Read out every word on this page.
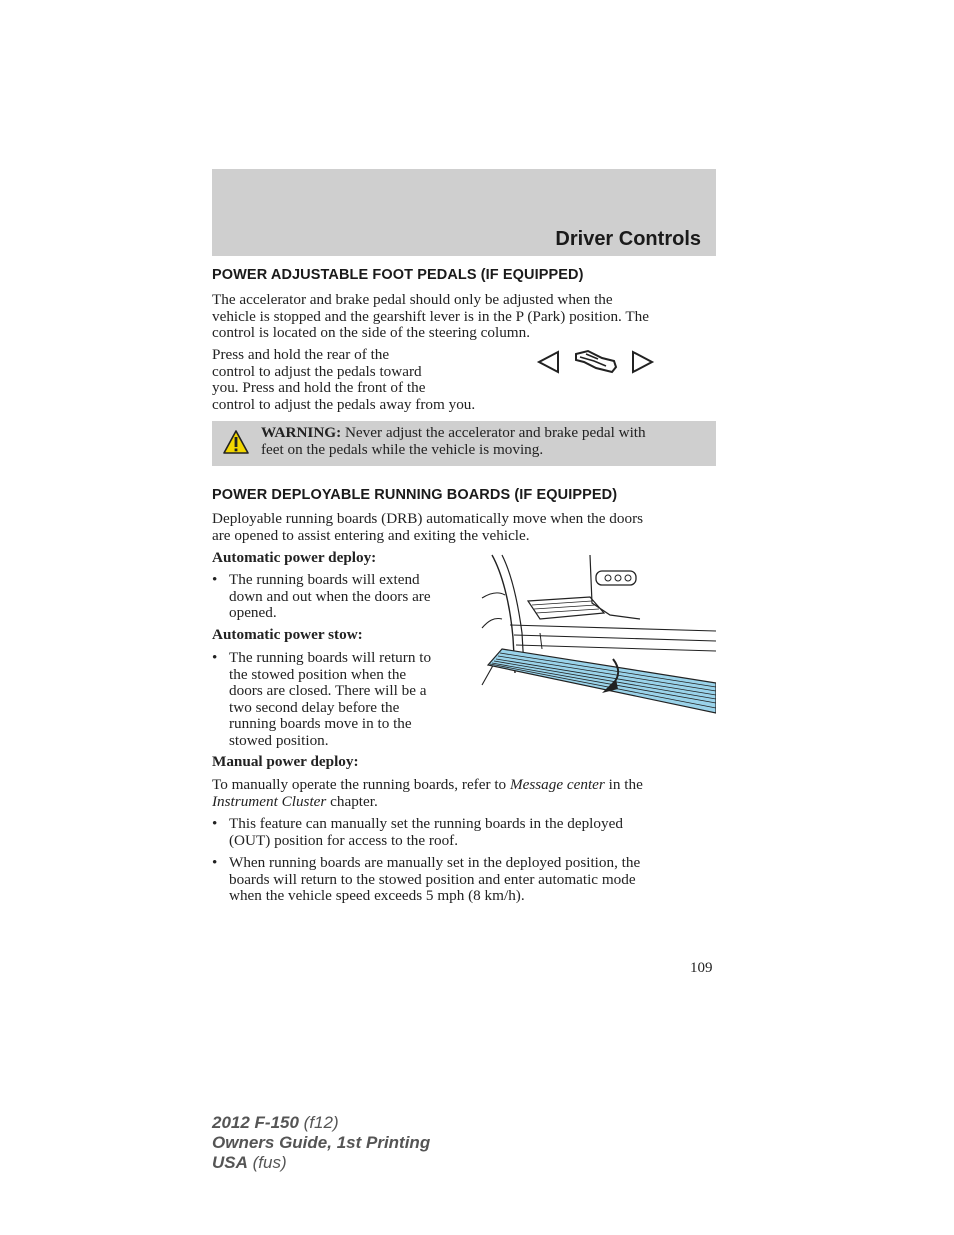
Driver Controls
POWER ADJUSTABLE FOOT PEDALS (IF EQUIPPED)

The accelerator and brake pedal should only be adjusted when the
vehicle is stopped and the gearshift lever is in the P (Park) position. The
control is located on the side of the steering column.

Press and hold the rear of the
control to adjust the pedals toward
you. Press and hold the front of the
control to adjust the pedals away from you.

WARNING: Never adjust the accelerator and brake pedal with
feet on the pedals while the vehicle is moving.
POWER DEPLOYABLE RUNNING BOARDS (IF EQUIPPED)

Deployable running boards (DRB) automatically move when the doors
are opened to assist entering and exiting the vehicle.

Automatic power deploy:
• The running boards will extend
down and out when the doors are
opened.
Automatic power stow:
• The running boards will return to
the stowed position when the
doors are closed. There will be a
two second delay before the
running boards move in to the
stowed position.
Manual power deploy:

To manually operate the running boards, refer to Message center in the
Instrument Cluster chapter.

• This feature can manually set the running boards in the deployed
(OUT) position for access to the roof.
• When running boards are manually set in the deployed position, the
boards will return to the stowed position and enter automatic mode
when the vehicle speed exceeds 5 mph (8 km/h).
109
2012 F-150 (f12)
Owners Guide, 1st Printing
USA (fus)
